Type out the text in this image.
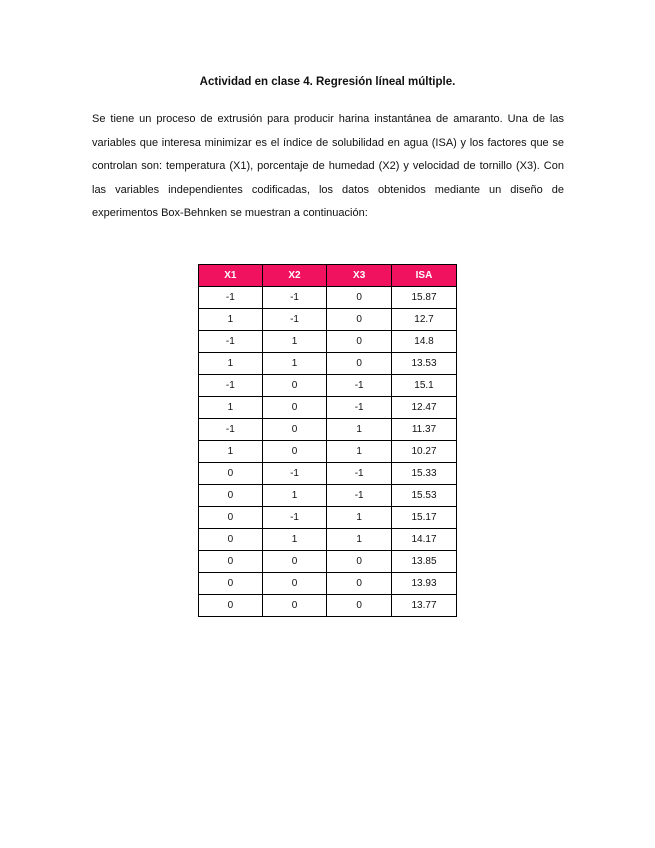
Actividad en clase 4. Regresión líneal múltiple.
Se tiene un proceso de extrusión para producir harina instantánea de amaranto. Una de las variables que interesa minimizar es el índice de solubilidad en agua (ISA) y los factores que se controlan son: temperatura (X1), porcentaje de humedad (X2) y velocidad de tornillo (X3). Con las variables independientes codificadas, los datos obtenidos mediante un diseño de experimentos Box-Behnken se muestran a continuación:
X1	X2	X3	ISA
-1	-1	0	15.87
1	-1	0	12.7
-1	1	0	14.8
1	1	0	13.53
-1	0	-1	15.1
1	0	-1	12.47
-1	0	1	11.37
1	0	1	10.27
0	-1	-1	15.33
0	1	-1	15.53
0	-1	1	15.17
0	1	1	14.17
0	0	0	13.85
0	0	0	13.93
0	0	0	13.77
